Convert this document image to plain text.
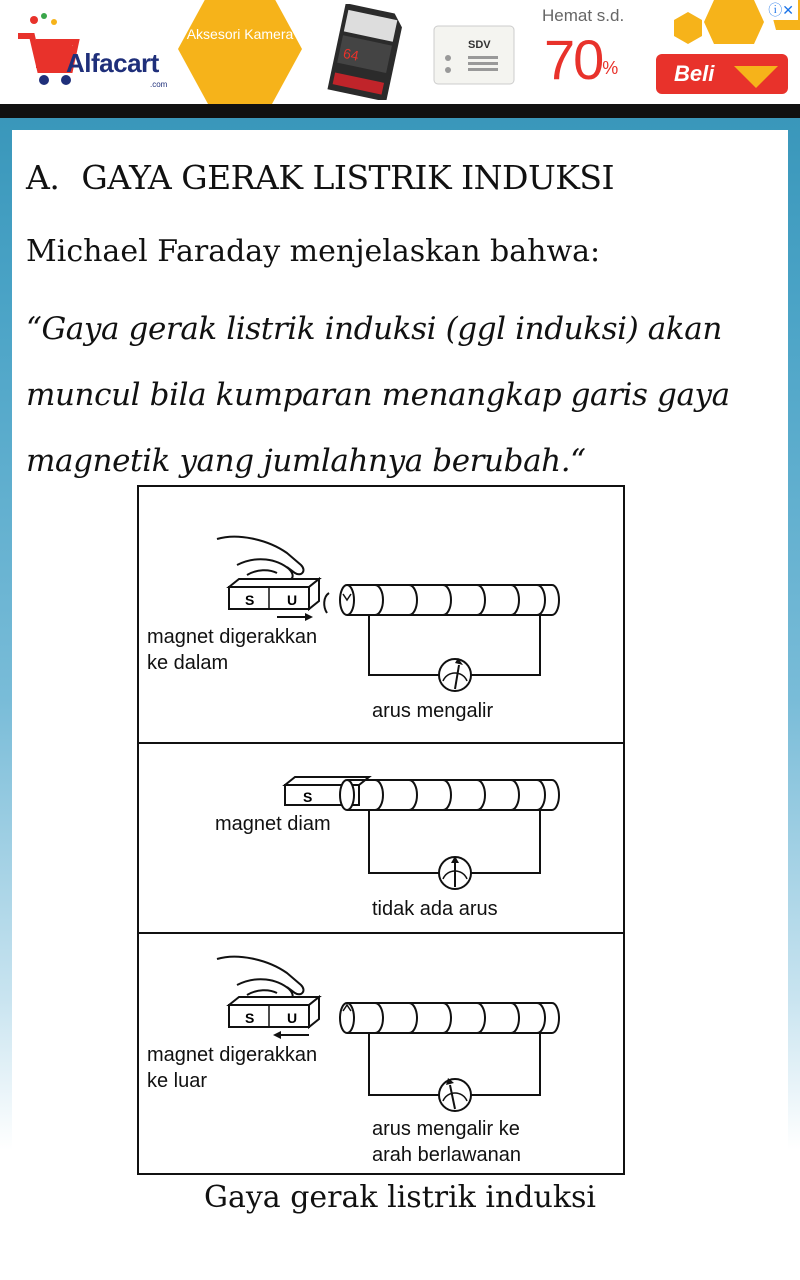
Alfacart
.com
Aksesori Kamera
64	SDV
Hemat s.d.
70%	Beli
ⓘ✕
A. GAYA GERAK LISTRIK INDUKSI
Michael Faraday menjelaskan bahwa:
“Gaya gerak listrik induksi (ggl induksi) akan
muncul bila kumparan menangkap garis gaya
magnetik yang jumlahnya berubah.“
S U
magnet digerakkan
ke dalam
arus mengalir
S
magnet diam
tidak ada arus
S U
magnet digerakkan
ke luar
arus mengalir ke
arah berlawanan
Gaya gerak listrik induksi
